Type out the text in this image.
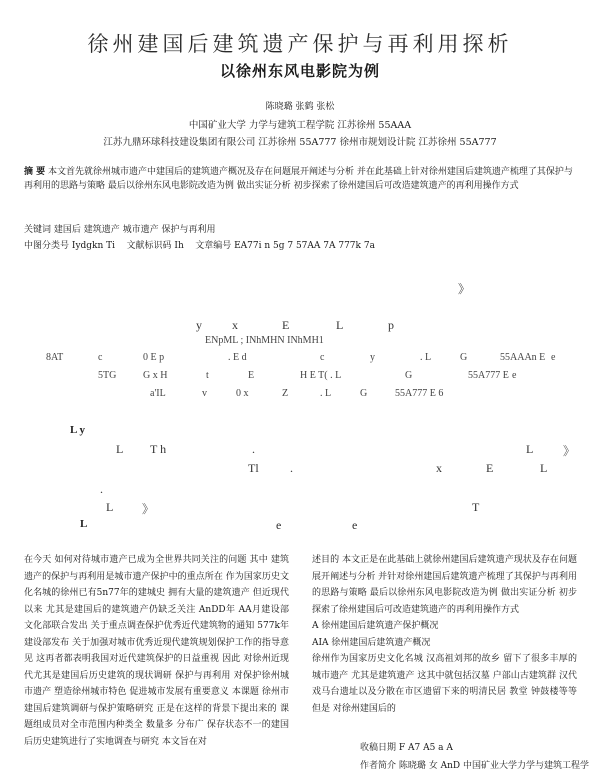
徐州建国后建筑遗产保护与再利用探析
以徐州东风电影院为例
陈晓璐 张鹤 张松
中国矿业大学 力学与建筑工程学院 江苏徐州 55AAA
江苏九鼎环球科技建设集团有限公司 江苏徐州 55A777 徐州市规划设计院 江苏徐州 55A777
摘 要 本文首先就徐州城市遗产中建国后的建筑遗产概况及存在问题展开阐述与分析 并在此基础上针对徐州建国后建筑遗产梳理了其保护与再利用的思路与策略 最后以徐州东风电影院改造为例 做出实证分析 初步探索了徐州建国后可改造建筑遗产的再利用操作方式
关键词 建国后 建筑遗产 城市遗产 保护与再利用
中图分类号 Iydgkn Ti 文献标识码 Ih 文章编号 EA77i n 5g 7 57AA 7A 777k 7a
》
y	x	E	L	p
ENpML ; INhMHN INhMH1
8AT	c	0 E p	. E d	c	y	. L	G	55AAAn E e
5TG	G x H	t	E	H E T( . L	G	55A777 E e
a'IL	v	0 x	Z	. L	G	55A777 E 6
L y
L T h	.	L 》
Tl	.	x	E	L
.
L 》	T
L	e	e
在今天 如何对待城市遗产已成为全世界共同关注的问题 其中 建筑遗产的保护与再利用是城市遗产保护中的重点所在 作为国家历史文化名城的徐州已有5n77年的建城史 拥有大量的建筑遗产 但近现代以来 尤其是建国后的建筑遗产仍缺乏关注 AnDD年 AA月建设部 文化部联合发出 关于重点调查保护优秀近代建筑物的通知 577k年建设部发布 关于加强对城市优秀近现代建筑规划保护工作的指导意见 这再者都表明我国对近代建筑保护的日益重视 因此 对徐州近现代尤其是建国后历史建筑的现状调研 保护与再利用 对保护徐州城市遗产 塑造徐州城市特色 促进城市发展有重要意义 本课题 徐州市建国后建筑调研与保护策略研究 正是在这样的背景下提出来的 课题组成员对全市范围内种类全 数量多 分布广 保存状态不一的建国后历史建筑进行了实地调查与研究 本文旨在对
述目的 本文正是在此基础上就徐州建国后建筑遗产现状及存在问题展开阐述与分析 并针对徐州建国后建筑遗产梳理了其保护与再利用的思路与策略 最后以徐州东风电影院改造为例 做出实证分析 初步探索了徐州建国后可改造建筑遗产的再利用操作方式
A 徐州建国后建筑遗产保护概况
AIA 徐州建国后建筑遗产概况
徐州作为国家历史文化名城 汉高祖刘邦的故乡 留下了很多丰厚的城市遗产 尤其是建筑遗产 这其中就包括汉墓 户部山古建筑群 汉代戏马台遗址以及分散在市区遗留下来的明清民居 教堂 钟鼓楼等等 但是 对徐州建国后的
收稿日期 F A7 A5 a A
作者简介 陈晓璐 女 AnD 中国矿业大学力学与建筑工程学
